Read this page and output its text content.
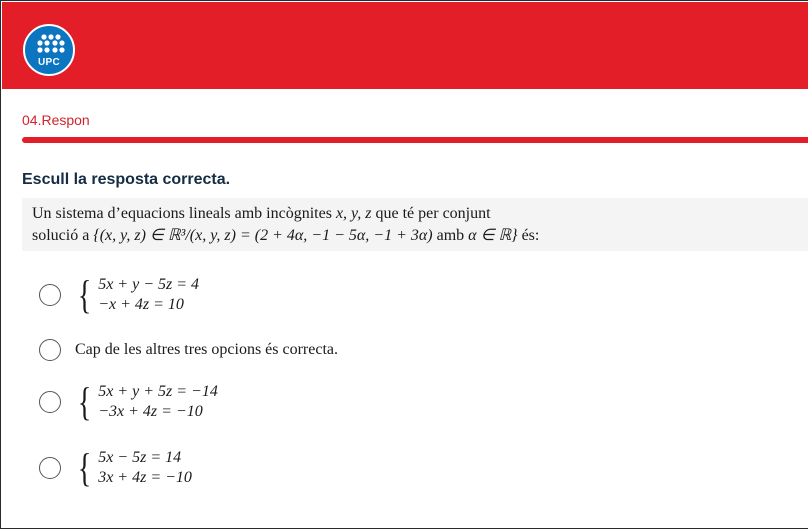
UPC
04.Respon
Escull la resposta correcta.
Un sistema d’equacions lineals amb incògnites x, y, z que té per conjunt
solució a {(x, y, z) ∈ ℝ³/(x, y, z) = (2 + 4α, −1 − 5α, −1 + 3α) amb α ∈ ℝ} és:
{ 5x + y − 5z = 4
−x + 4z = 10
Cap de les altres tres opcions és correcta.
{ 5x + y + 5z = −14
−3x + 4z = −10
{ 5x − 5z = 14
3x + 4z = −10
